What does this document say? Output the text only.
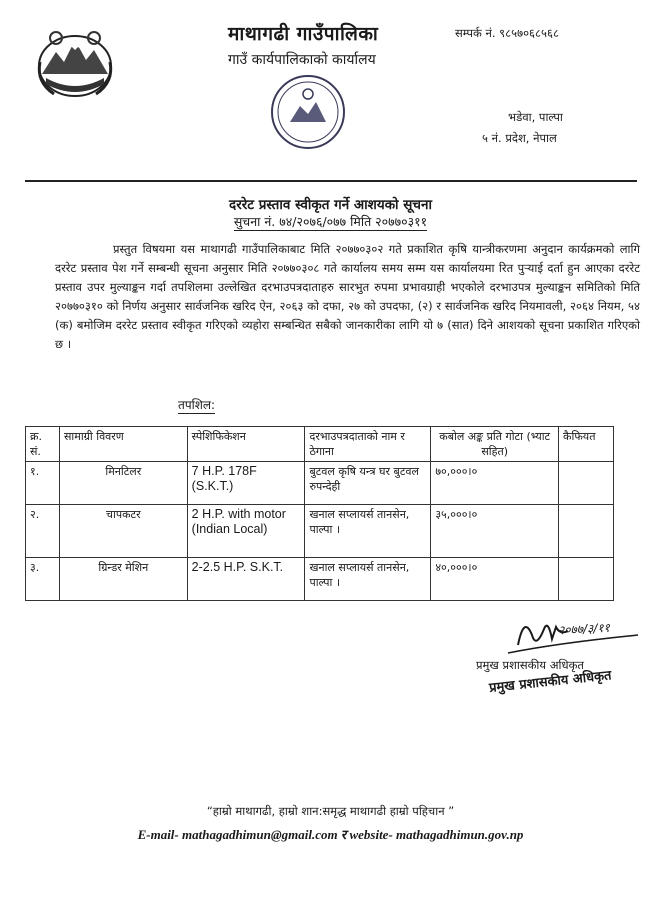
माथागढी गाउँपालिका
गाउँ कार्यपालिकाको कार्यालय
सम्पर्क नं. ९८५७०६८५६८
भडेवा, पाल्पा
५ नं. प्रदेश, नेपाल
दररेट प्रस्ताव स्वीकृत गर्ने आशयको सूचना
सुचना नं. ७४/२०७६/०७७ मिति २०७७०३११
प्रस्तुत विषयमा यस माथागढी गाउँपालिकाबाट मिति २०७७०३०२ गते प्रकाशित कृषि यान्त्रीकरणमा अनुदान कार्यक्रमको लागि दररेट प्रस्ताव पेश गर्ने सम्बन्धी सूचना अनुसार मिति २०७७०३०८ गते कार्यालय समय सम्म यस कार्यालयमा रित पुऱ्याई दर्ता हुन आएका दररेट प्रस्ताव उपर मुल्याङ्कन गर्दा तपशिलमा उल्लेखित दरभाउपत्रदाताहरु सारभुत रुपमा प्रभावग्राही भएकोले दरभाउपत्र मुल्याङ्कन समितिको मिति २०७७०३१० को निर्णय अनुसार सार्वजनिक खरिद ऐन, २०६३ को दफा, २७ को उपदफा, (२) र सार्वजनिक खरिद नियमावली, २०६४ नियम, ५४ (क) बमोजिम दररेट प्रस्ताव स्वीकृत गरिएको व्यहोरा सम्बन्धित सबैको जानकारीका लागि यो ७ (सात) दिने आशयको सूचना प्रकाशित गरिएको छ ।
तपशिल:
क्र. सं.	सामाग्री विवरण	स्पेशिफिकेशन	दरभाउपत्रदाताको नाम र ठेगाना	कबोल अङ्क प्रति गोटा (भ्याट सहित)	कैफियत
१.	मिनटिलर	7 H.P. 178F (S.K.T.)	बुटवल कृषि यन्त्र घर बुटवल रुपन्देही	७०,०००।०	
२.	चापकटर	2 H.P. with motor (Indian Local)	खनाल सप्लायर्स तानसेन, पाल्पा ।	३५,०००।०	
३.	ग्रिन्डर मेशिन	2-2.5 H.P. S.K.T.	खनाल सप्लायर्स तानसेन, पाल्पा ।	४०,०००।०	
२०७७/३/११
प्रमुख प्रशासकीय अधिकृत
प्रमुख प्रशासकीय अधिकृत
“हाम्रो माथागढी, हाम्रो शान:समृद्ध माथागढी हाम्रो पहिचान ”
E-mail- mathagadhimun@gmail.com र website- mathagadhimun.gov.np
